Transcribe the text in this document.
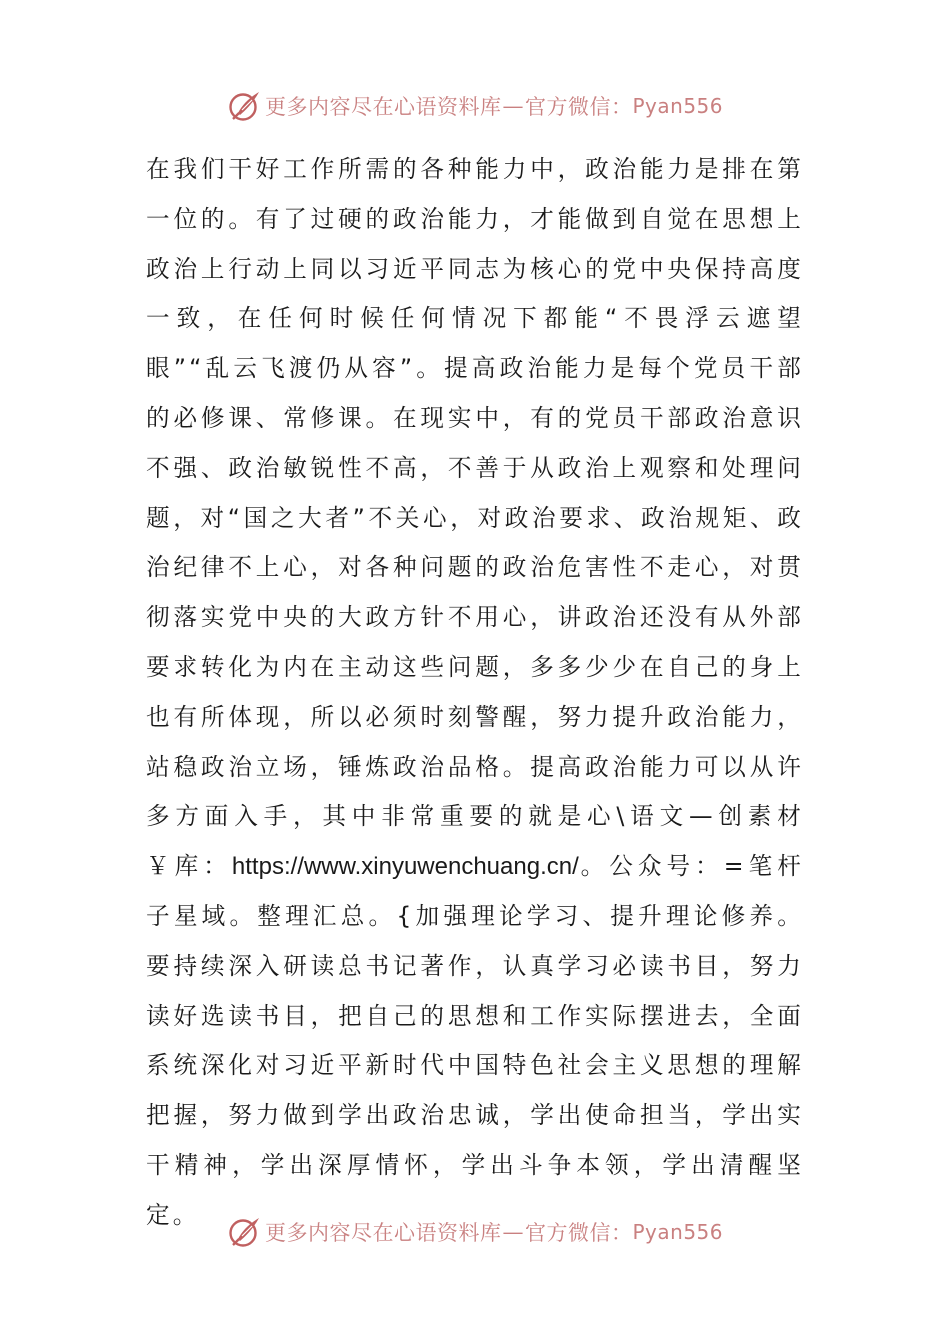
更多内容尽在心语资料库 — 官方微信： Pyan556

在我们干好工作所需的各种能力中，政治能力是排在第一位的。有了过硬的政治能力，才能做到自觉在思想上政治上行动上同以习近平同志为核心的党中央保持高度一致，在任何时候任何情况下都能“不畏浮云遮望眼”“乱云飞渡仍从容”。提高政治能力是每个党员干部的必修课、常修课。在现实中，有的党员干部政治意识不强、政治敏锐性不高，不善于从政治上观察和处理问题，对“国之大者”不关心，对政治要求、政治规矩、政治纪律不上心，对各种问题的政治危害性不走心，对贯彻落实党中央的大政方针不用心，讲政治还没有从外部要求转化为内在主动这些问题，多多少少在自己的身上也有所体现，所以必须时刻警醒，努力提升政治能力，站稳政治立场，锤炼政治品格。提高政治能力可以从许多方面入手，其中非常重要的就是心\语文—创素材￥库：https://www.xinyuwenchuang.cn/。公众号：=笔杆子星域。整理汇总。{加强理论学习、提升理论修养。要持续深入研读总书记著作，认真学习必读书目，努力读好选读书目，把自己的思想和工作实际摆进去，全面系统深化对习近平新时代中国特色社会主义思想的理解把握，努力做到学出政治忠诚，学出使命担当，学出实干精神，学出深厚情怀，学出斗争本领，学出清醒坚定。

更多内容尽在心语资料库 — 官方微信： Pyan556
